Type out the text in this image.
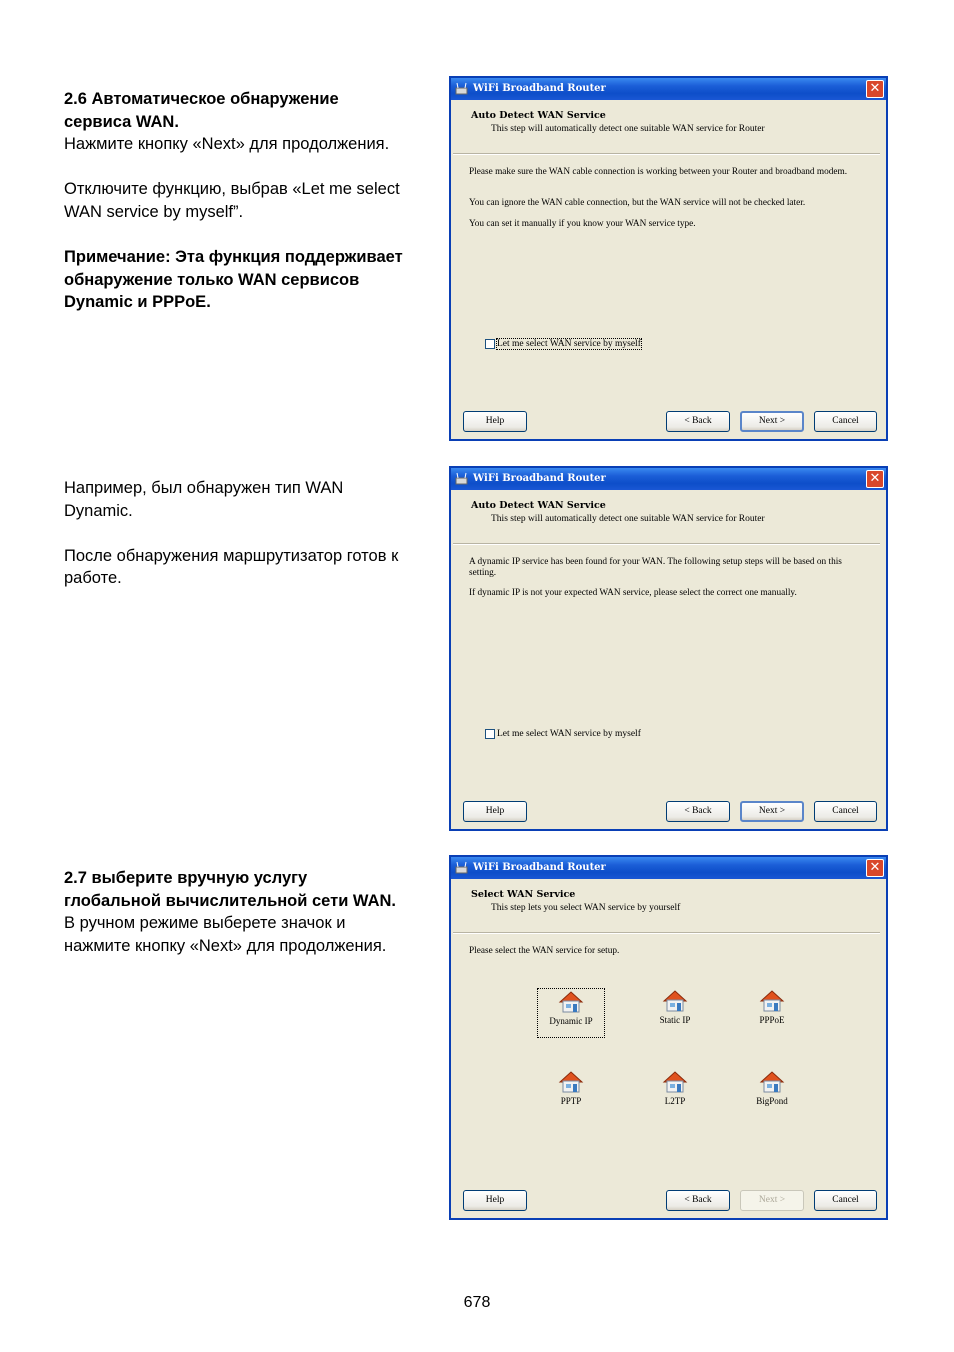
2.6 Автоматическое обнаружение

сервиса WAN.

Нажмите кнопку «Next» для продолжения.

Отключите функцию, выбрав «Let me select

WAN service by myself”.

Примечание: Эта функция поддерживает

обнаружение только WAN сервисов

Dynamic и PPPoE.

WiFi Broadband Router	✕
Auto Detect WAN Service
This step will automatically detect one suitable WAN service for Router
Please make sure the WAN cable connection is working between your Router and broadband modem.
You can ignore the WAN cable connection, but the WAN service will not be checked later.
You can set it manually if you know your WAN service type.
Let me select WAN service by myself
Help	< Back	Next >	Cancel

Например, был обнаружен тип WAN

Dynamic.

После обнаружения маршрутизатор готов к

работе.

WiFi Broadband Router	✕
Auto Detect WAN Service
This step will automatically detect one suitable WAN service for Router
A dynamic IP service has been found for your WAN. The following setup steps will be based on this setting.
If dynamic IP is not your expected WAN service, please select the correct one manually.
Let me select WAN service by myself
Help	< Back	Next >	Cancel

2.7 выберите вручную услугу

глобальной вычислительной сети WAN.

В ручном режиме выберете значок и

нажмите кнопку «Next» для продолжения.

WiFi Broadband Router	✕
Select WAN Service
This step lets you select WAN service by yourself
Please select the WAN service for setup.
Dynamic IP	Static IP	PPPoE
PPTP	L2TP	BigPond
Help	< Back	Next >	Cancel
678
